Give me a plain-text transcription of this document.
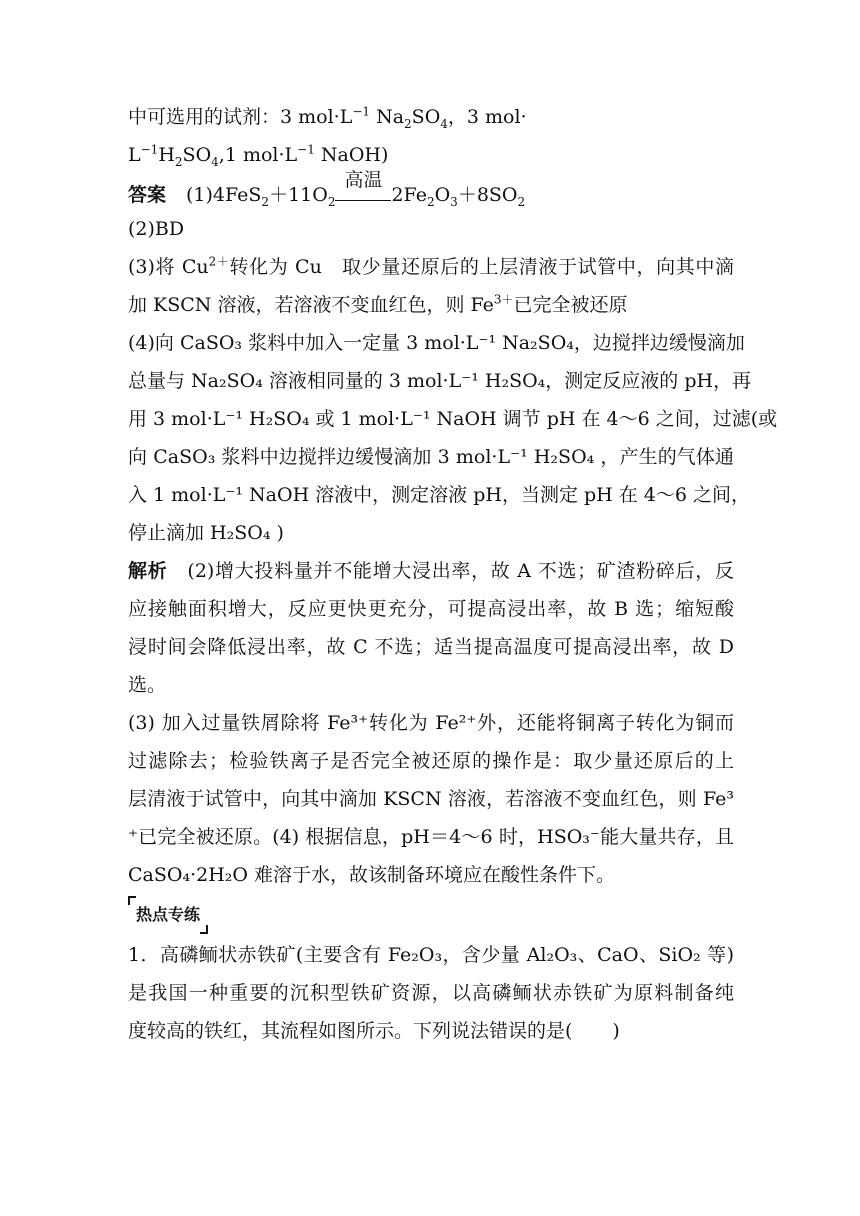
中可选用的试剂：3 $mol\cdot L^{-1}$ $Na_2SO_4$，3 mol·
$L^{-1}H_2SO_4,1$ $mol\cdot L^{-1}$ NaOH)
答案 $(1)4FeS_2+11O_2$
高温
$2Fe_2O_3+8SO_2$
(2)BD
(3)将 $Cu^{2+}$转化为 Cu　取少量还原后的上层清液于试管中，向其中滴
加 KSCN 溶液，若溶液不变血红色，则 $Fe^{3+}$已完全被还原
(4)向 CaSO₃ 浆料中加入一定量 3 mol·L⁻¹ Na₂SO₄，边搅拌边缓慢滴加
总量与 Na₂SO₄ 溶液相同量的 3 mol·L⁻¹ H₂SO₄，测定反应液的 pH，再
用 3 mol·L⁻¹ H₂SO₄ 或 1 mol·L⁻¹ NaOH 调节 pH 在 4～6 之间，过滤(或
向 CaSO₃ 浆料中边搅拌边缓慢滴加 3 mol·L⁻¹ H₂SO₄ ，产生的气体通
入 1 mol·L⁻¹ NaOH 溶液中，测定溶液 pH，当测定 pH 在 4～6 之间，
停止滴加 H₂SO₄ )
解析 (2)增大投料量并不能增大浸出率，故 A 不选；矿渣粉碎后，反
应接触面积增大，反应更快更充分，可提高浸出率，故 B 选；缩短酸
浸时间会降低浸出率，故 C 不选；适当提高温度可提高浸出率，故 D
选。
(3) 加入过量铁屑除将 Fe³⁺转化为 Fe²⁺外，还能将铜离子转化为铜而
过滤除去；检验铁离子是否完全被还原的操作是：取少量还原后的上
层清液于试管中，向其中滴加 KSCN 溶液，若溶液不变血红色，则 Fe³
⁺已完全被还原。(4) 根据信息，pH＝4～6 时，HSO₃⁻能大量共存，且
CaSO₄·2H₂O 难溶于水，故该制备环境应在酸性条件下。
热点专练
1．高磷鲕状赤铁矿(主要含有 Fe₂O₃，含少量 Al₂O₃、CaO、SiO₂ 等)
是我国一种重要的沉积型铁矿资源，以高磷鲕状赤铁矿为原料制备纯
度较高的铁红，其流程如图所示。下列说法错误的是( )
